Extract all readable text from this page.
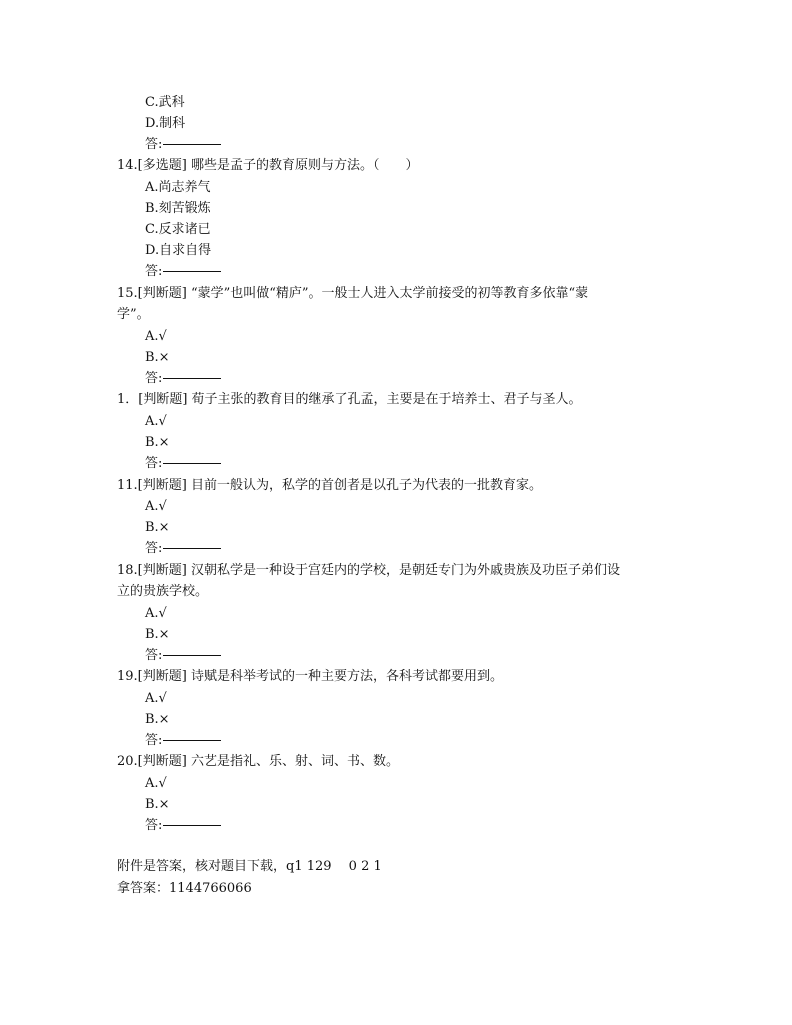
C.武科
D.制科
答:
14.[多选题] 哪些是孟子的教育原则与方法。（　　）
A.尚志养气
B.刻苦锻炼
C.反求诸已
D.自求自得
答:
15.[判断题] “蒙学”也叫做“精庐”。一般士人进入太学前接受的初等教育多依靠“蒙
学”。
A.√
B.×
答:
1．[判断题] 荀子主张的教育目的继承了孔孟，主要是在于培养士、君子与圣人。
A.√
B.×
答:
11.[判断题] 目前一般认为，私学的首创者是以孔子为代表的一批教育家。
A.√
B.×
答:
18.[判断题] 汉朝私学是一种设于宫廷内的学校，是朝廷专门为外戚贵族及功臣子弟们设
立的贵族学校。
A.√
B.×
答:
19.[判断题] 诗赋是科举考试的一种主要方法，各科考试都要用到。
A.√
B.×
答:
20.[判断题] 六艺是指礼、乐、射、词、书、数。
A.√
B.×
答:
附件是答案，核对题目下载，q1 129　 0 2 1
拿答案：1144766066
